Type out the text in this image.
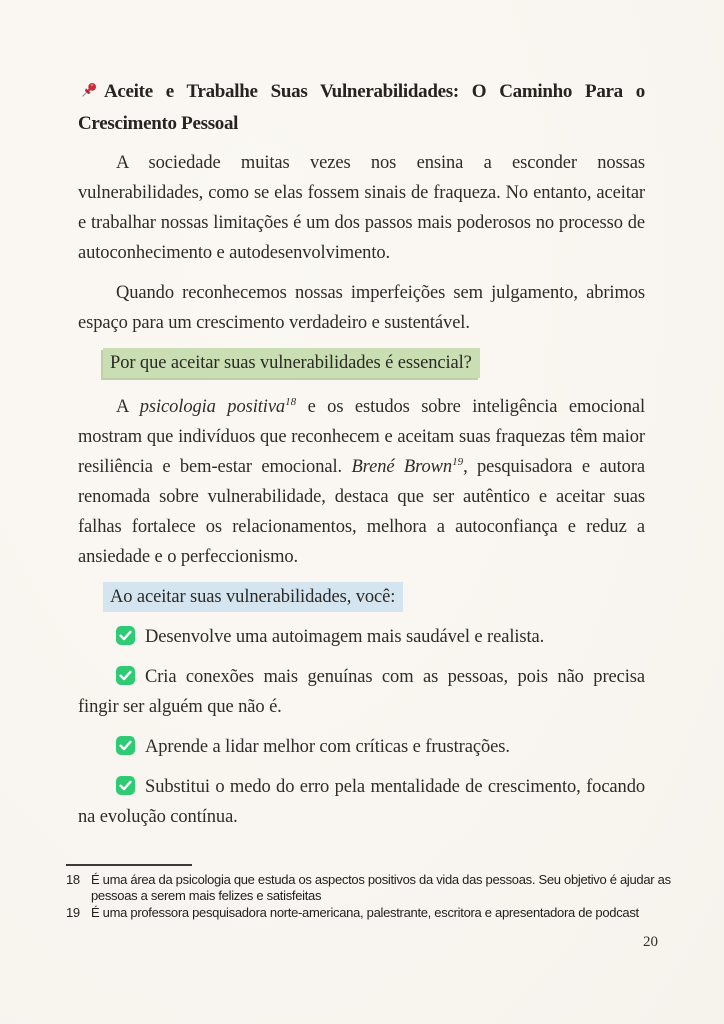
Aceite e Trabalhe Suas Vulnerabilidades: O Caminho Para o Crescimento Pessoal

A sociedade muitas vezes nos ensina a esconder nossas vulnerabilidades, como se elas fossem sinais de fraqueza. No entanto, aceitar e trabalhar nossas limitações é um dos passos mais poderosos no processo de autoconhecimento e autodesenvolvimento.

Quando reconhecemos nossas imperfeições sem julgamento, abrimos espaço para um crescimento verdadeiro e sustentável.

Por que aceitar suas vulnerabilidades é essencial?

A psicologia positiva$^{18}$ e os estudos sobre inteligência emocional mostram que indivíduos que reconhecem e aceitam suas fraquezas têm maior resiliência e bem-estar emocional. Brené Brown$^{19}$, pesquisadora e autora renomada sobre vulnerabilidade, destaca que ser autêntico e aceitar suas falhas fortalece os relacionamentos, melhora a autoconfiança e reduz a ansiedade e o perfeccionismo.

Ao aceitar suas vulnerabilidades, você:

Desenvolve uma autoimagem mais saudável e realista.

Cria conexões mais genuínas com as pessoas, pois não precisa fingir ser alguém que não é.

Aprende a lidar melhor com críticas e frustrações.

Substitui o medo do erro pela mentalidade de crescimento, focando na evolução contínua.

18 É uma área da psicologia que estuda os aspectos positivos da vida das pessoas. Seu objetivo é ajudar as pessoas a serem mais felizes e satisfeitas
19 É uma professora pesquisadora norte-americana, palestrante, escritora e apresentadora de podcast
20
